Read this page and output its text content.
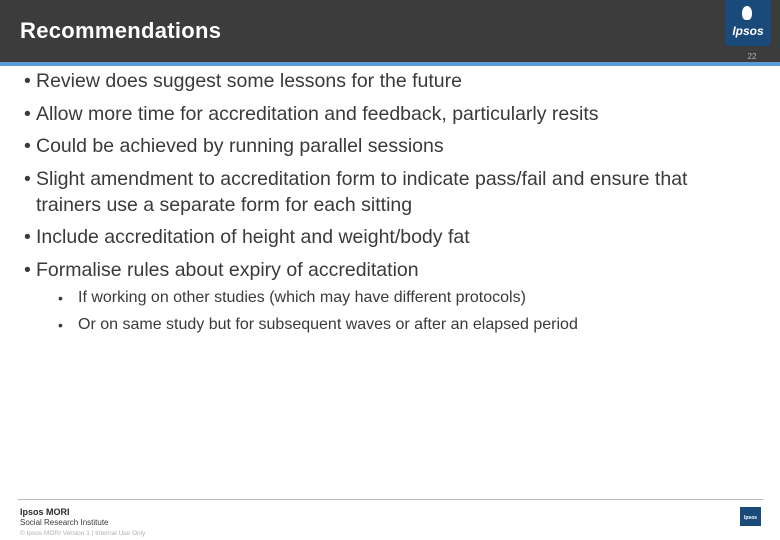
Recommendations	Ipsos
22
• Review does suggest some lessons for the future
• Allow more time for accreditation and feedback, particularly resits
• Could be achieved by running parallel sessions
• Slight amendment to accreditation form to indicate pass/fail and ensure that trainers use a separate form for each sitting
• Include accreditation of height and weight/body fat
• Formalise rules about expiry of accreditation
• If working on other studies (which may have different protocols)
• Or on same study but for subsequent waves or after an elapsed period
Ipsos MORI
Social Research Institute
© Ipsos MORI Version 1 | Internal Use Only
Ipsos
